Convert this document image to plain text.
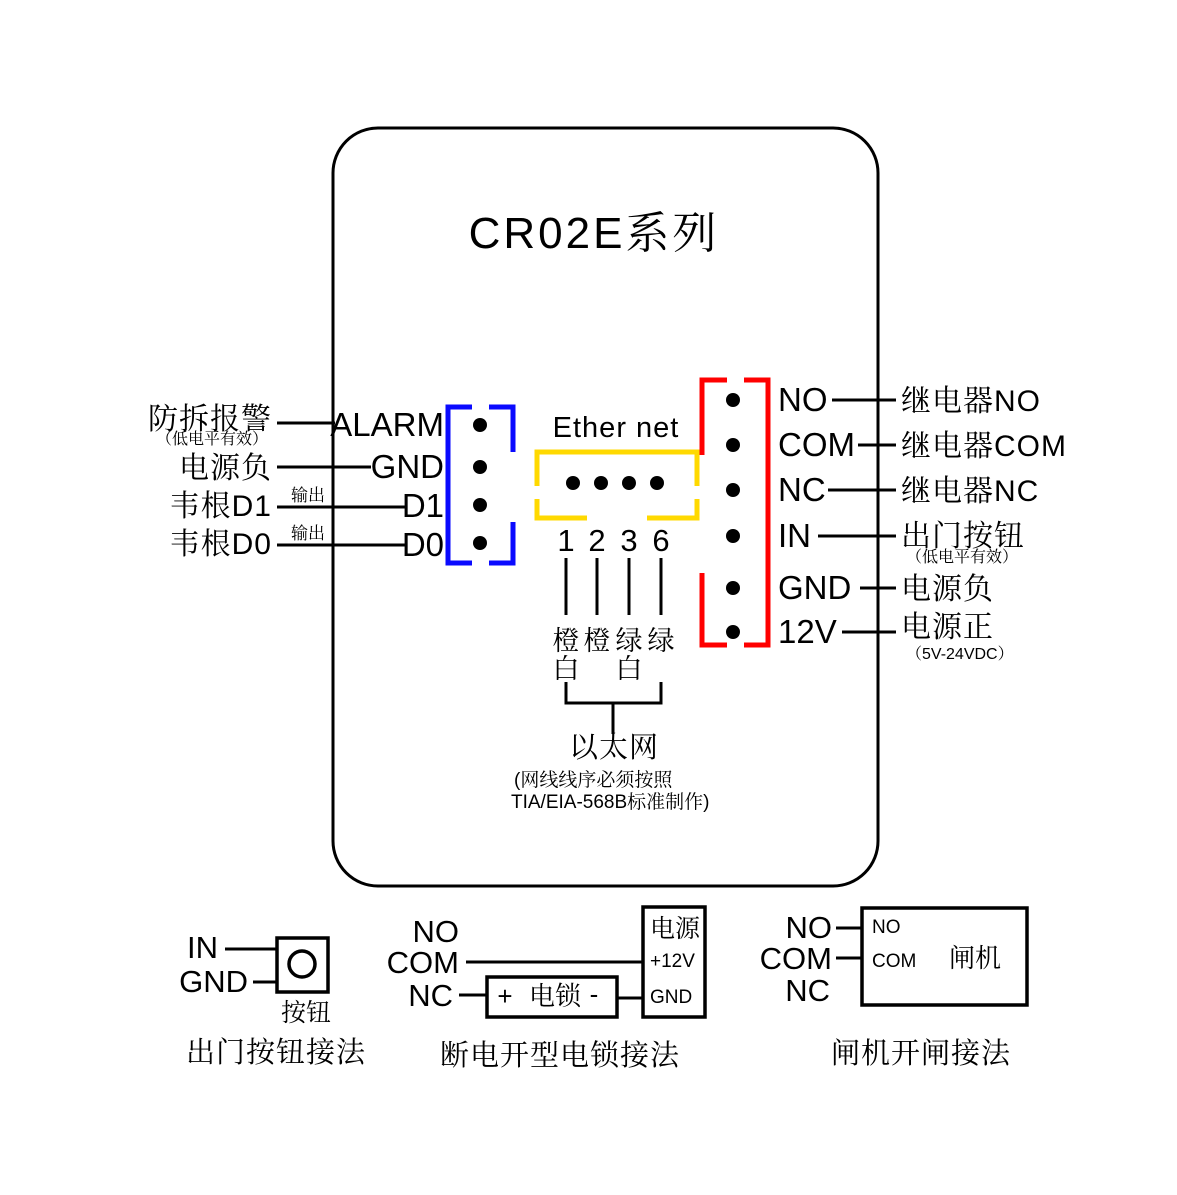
CR02E系列
防拆报警
（低电平有效）
电源负
韦根D1
韦根D0
输出
输出
ALARM
GND
D1
D0
Ether net
1 2 3 6
橙 橙 绿 绿
白 白
以太网
(网线线序必须按照
TIA/EIA-568B标准制作)
NO
COM
NC
IN
GND
12V
继电器NO
继电器COM
继电器NC
出门按钮
（低电平有效）
电源负
电源正
（5V-24VDC）
IN
GND
按钮
出门按钮接法
NO
COM
NC + 电锁 -
电源
+12V
GND
断电开型电锁接法
NO
COM
NC
NO
COM 闸机
闸机开闸接法
